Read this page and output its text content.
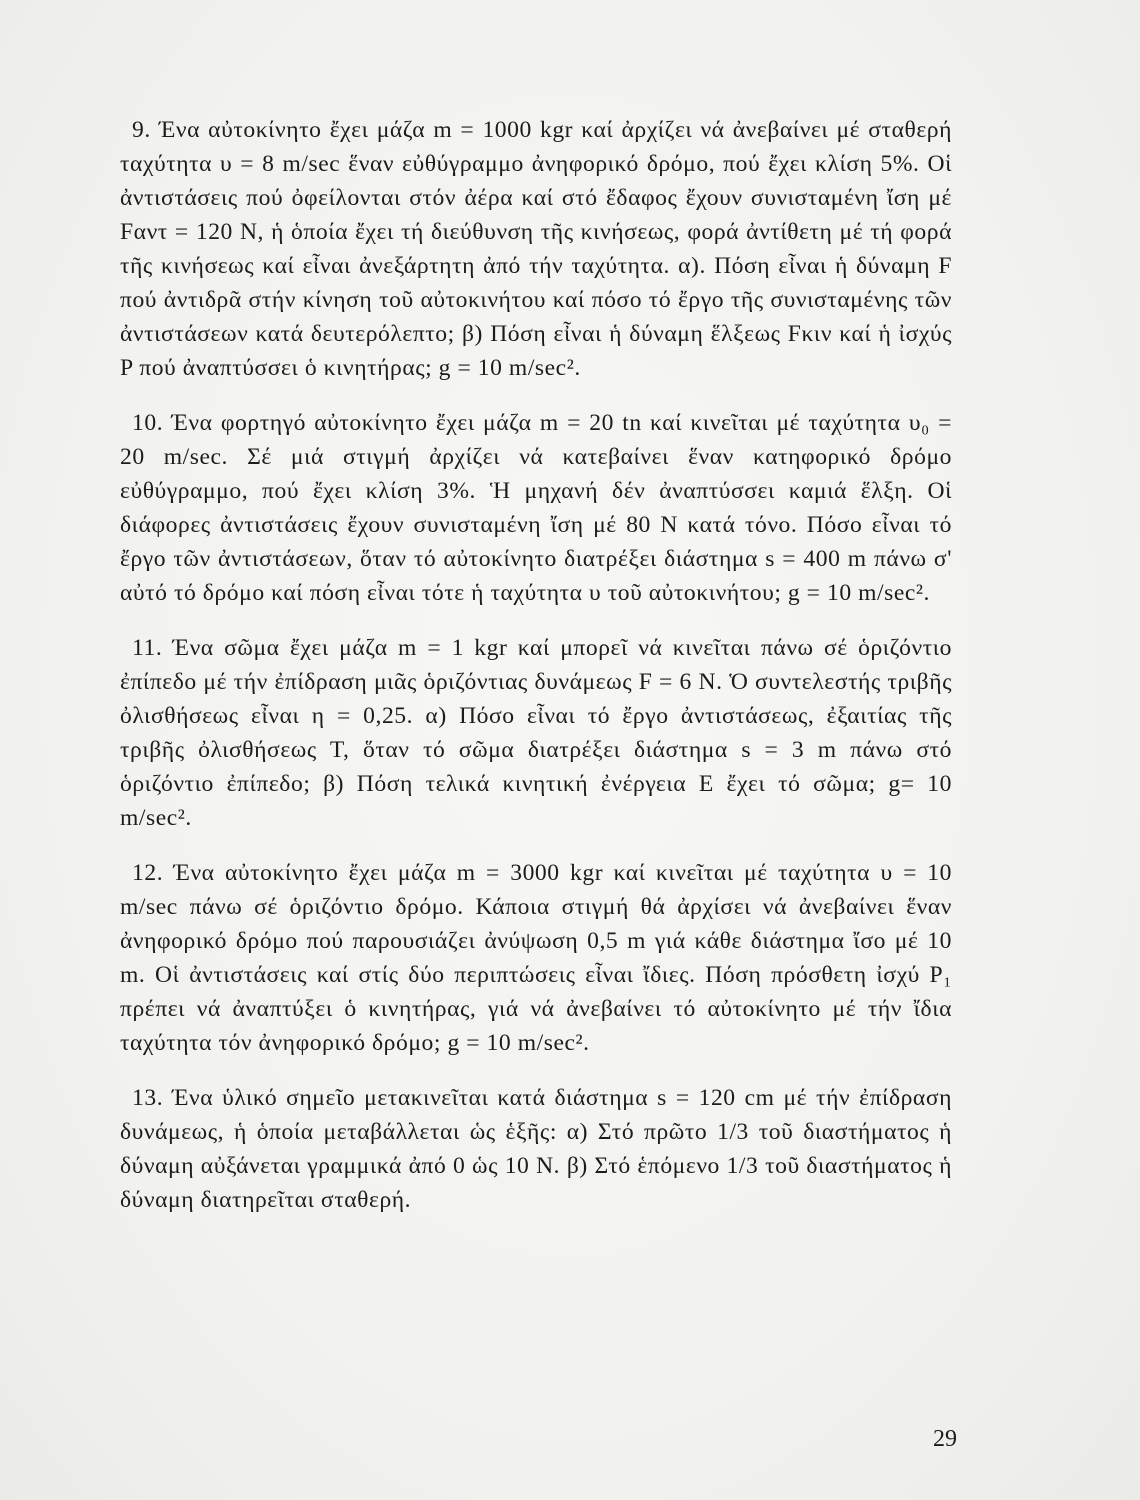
9. Ένα αὐτοκίνητο ἔχει μάζα m = 1000 kgr καί ἀρχίζει νά ἀνεβαίνει μέ σταθερή ταχύτητα υ = 8 m/sec ἕναν εὐθύγραμμο ἀνηφορικό δρόμο, πού ἔχει κλίση 5%. Οἱ ἀντιστάσεις πού ὀφείλονται στόν ἀέρα καί στό ἔδαφος ἔχουν συνισταμένη ἴση μέ Fαντ = 120 Ν, ἡ ὁποία ἔχει τή διεύθυνση τῆς κινήσεως, φορά ἀντίθετη μέ τή φορά τῆς κινήσεως καί εἶναι ἀνεξάρτητη ἀπό τήν ταχύτητα. α). Πόση εἶναι ἡ δύναμη F πού ἀντιδρᾶ στήν κίνηση τοῦ αὐτοκινήτου καί πόσο τό ἔργο τῆς συνισταμένης τῶν ἀντιστάσεων κατά δευτερόλεπτο; β) Πόση εἶναι ἡ δύναμη ἕλξεως Fκιν καί ἡ ἰσχύς P πού ἀναπτύσσει ὁ κινητήρας; g = 10 m/sec².

10. Ένα φορτηγό αὐτοκίνητο ἔχει μάζα m = 20 tn καί κινεῖται μέ ταχύτητα υ₀ = 20 m/sec. Σέ μιά στιγμή ἀρχίζει νά κατεβαίνει ἕναν κατηφορικό δρόμο εὐθύγραμμο, πού ἔχει κλίση 3%. Ἡ μηχανή δέν ἀναπτύσσει καμιά ἕλξη. Οἱ διάφορες ἀντιστάσεις ἔχουν συνισταμένη ἴση μέ 80 Ν κατά τόνο. Πόσο εἶναι τό ἔργο τῶν ἀντιστάσεων, ὅταν τό αὐτοκίνητο διατρέξει διάστημα s = 400 m πάνω σ' αὐτό τό δρόμο καί πόση εἶναι τότε ἡ ταχύτητα υ τοῦ αὐτοκινήτου; g = 10 m/sec².

11. Ένα σῶμα ἔχει μάζα m = 1 kgr καί μπορεῖ νά κινεῖται πάνω σέ ὁριζόντιο ἐπίπεδο μέ τήν ἐπίδραση μιᾶς ὁριζόντιας δυνάμεως F = 6 Ν. Ὁ συντελεστής τριβῆς ὀλισθήσεως εἶναι η = 0,25. α) Πόσο εἶναι τό ἔργο ἀντιστάσεως, ἐξαιτίας τῆς τριβῆς ὀλισθήσεως Τ, ὅταν τό σῶμα διατρέξει διάστημα s = 3 m πάνω στό ὁριζόντιο ἐπίπεδο; β) Πόση τελικά κινητική ἐνέργεια Ε ἔχει τό σῶμα; g= 10 m/sec².

12. Ένα αὐτοκίνητο ἔχει μάζα m = 3000 kgr καί κινεῖται μέ ταχύτητα υ = 10 m/sec πάνω σέ ὁριζόντιο δρόμο. Κάποια στιγμή θά ἀρχίσει νά ἀνεβαίνει ἕναν ἀνηφορικό δρόμο πού παρουσιάζει ἀνύψωση 0,5 m γιά κάθε διάστημα ἴσο μέ 10 m. Οἱ ἀντιστάσεις καί στίς δύο περιπτώσεις εἶναι ἴδιες. Πόση πρόσθετη ἰσχύ P₁ πρέπει νά ἀναπτύξει ὁ κινητήρας, γιά νά ἀνεβαίνει τό αὐτοκίνητο μέ τήν ἴδια ταχύτητα τόν ἀνηφορικό δρόμο; g = 10 m/sec².

13. Ένα ὑλικό σημεῖο μετακινεῖται κατά διάστημα s = 120 cm μέ τήν ἐπίδραση δυνάμεως, ἡ ὁποία μεταβάλλεται ὡς ἑξῆς: α) Στό πρῶτο 1/3 τοῦ διαστήματος ἡ δύναμη αὐξάνεται γραμμικά ἀπό 0 ὡς 10 Ν. β) Στό ἑπόμενο 1/3 τοῦ διαστήματος ἡ δύναμη διατηρεῖται σταθερή.

29
